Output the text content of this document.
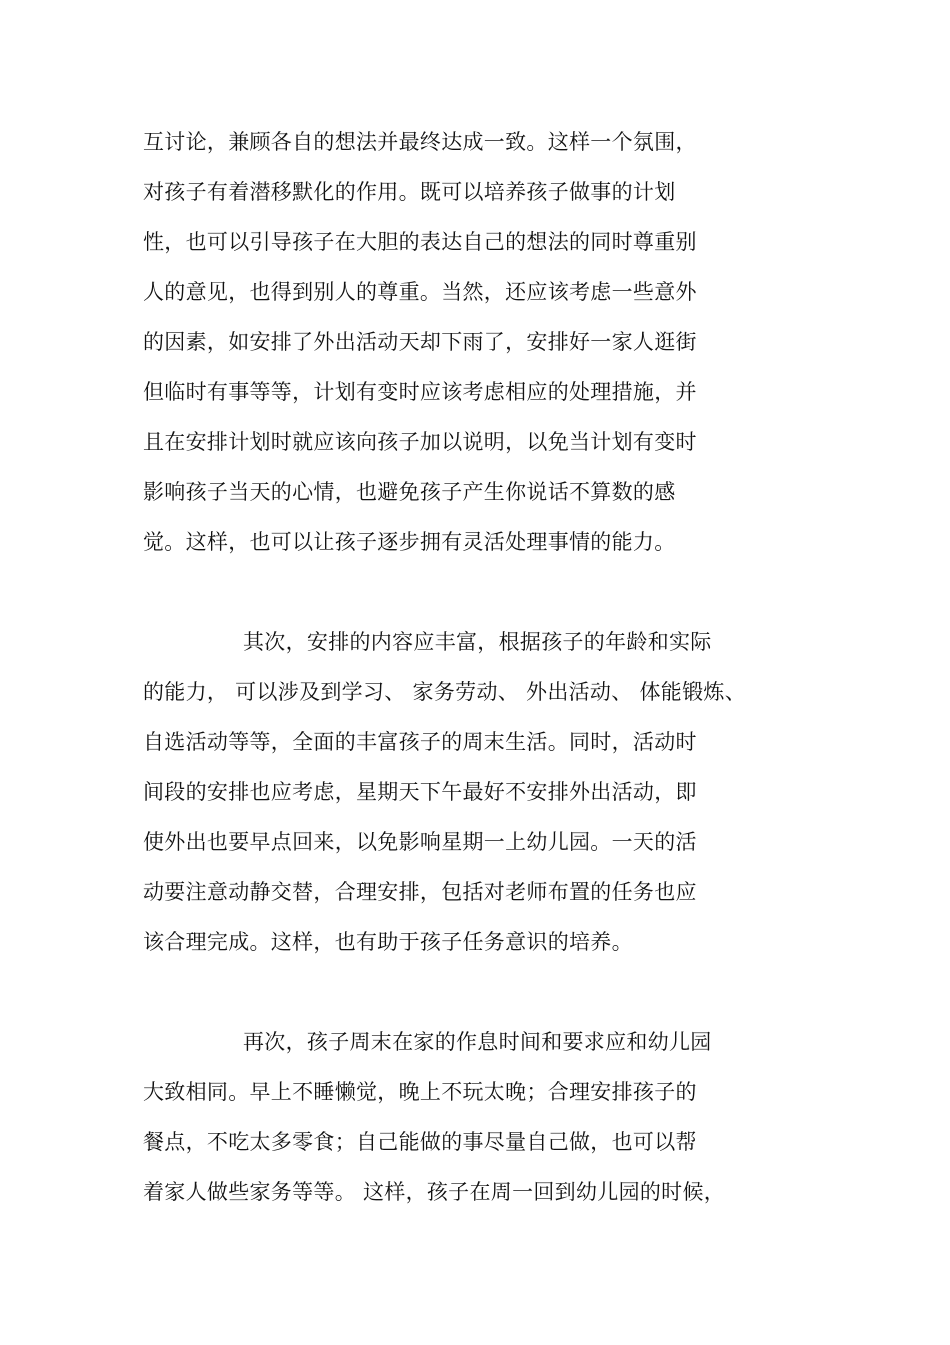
互讨论，兼顾各自的想法并最终达成一致。这样一个氛围，
对孩子有着潜移默化的作用。既可以培养孩子做事的计划
性，也可以引导孩子在大胆的表达自己的想法的同时尊重别
人的意见，也得到别人的尊重。当然，还应该考虑一些意外
的因素，如安排了外出活动天却下雨了，安排好一家人逛街
但临时有事等等，计划有变时应该考虑相应的处理措施，并
且在安排计划时就应该向孩子加以说明，以免当计划有变时
影响孩子当天的心情，也避免孩子产生你说话不算数的感
觉。这样，也可以让孩子逐步拥有灵活处理事情的能力。
其次，安排的内容应丰富，根据孩子的年龄和实际
的能力， 可以涉及到学习、 家务劳动、 外出活动、 体能锻炼、
自选活动等等，全面的丰富孩子的周末生活。同时，活动时
间段的安排也应考虑，星期天下午最好不安排外出活动，即
使外出也要早点回来，以免影响星期一上幼儿园。一天的活
动要注意动静交替，合理安排，包括对老师布置的任务也应
该合理完成。这样，也有助于孩子任务意识的培养。
再次，孩子周末在家的作息时间和要求应和幼儿园
大致相同。早上不睡懒觉，晚上不玩太晚；合理安排孩子的
餐点，不吃太多零食；自己能做的事尽量自己做，也可以帮
着家人做些家务等等。 这样，孩子在周一回到幼儿园的时候，
